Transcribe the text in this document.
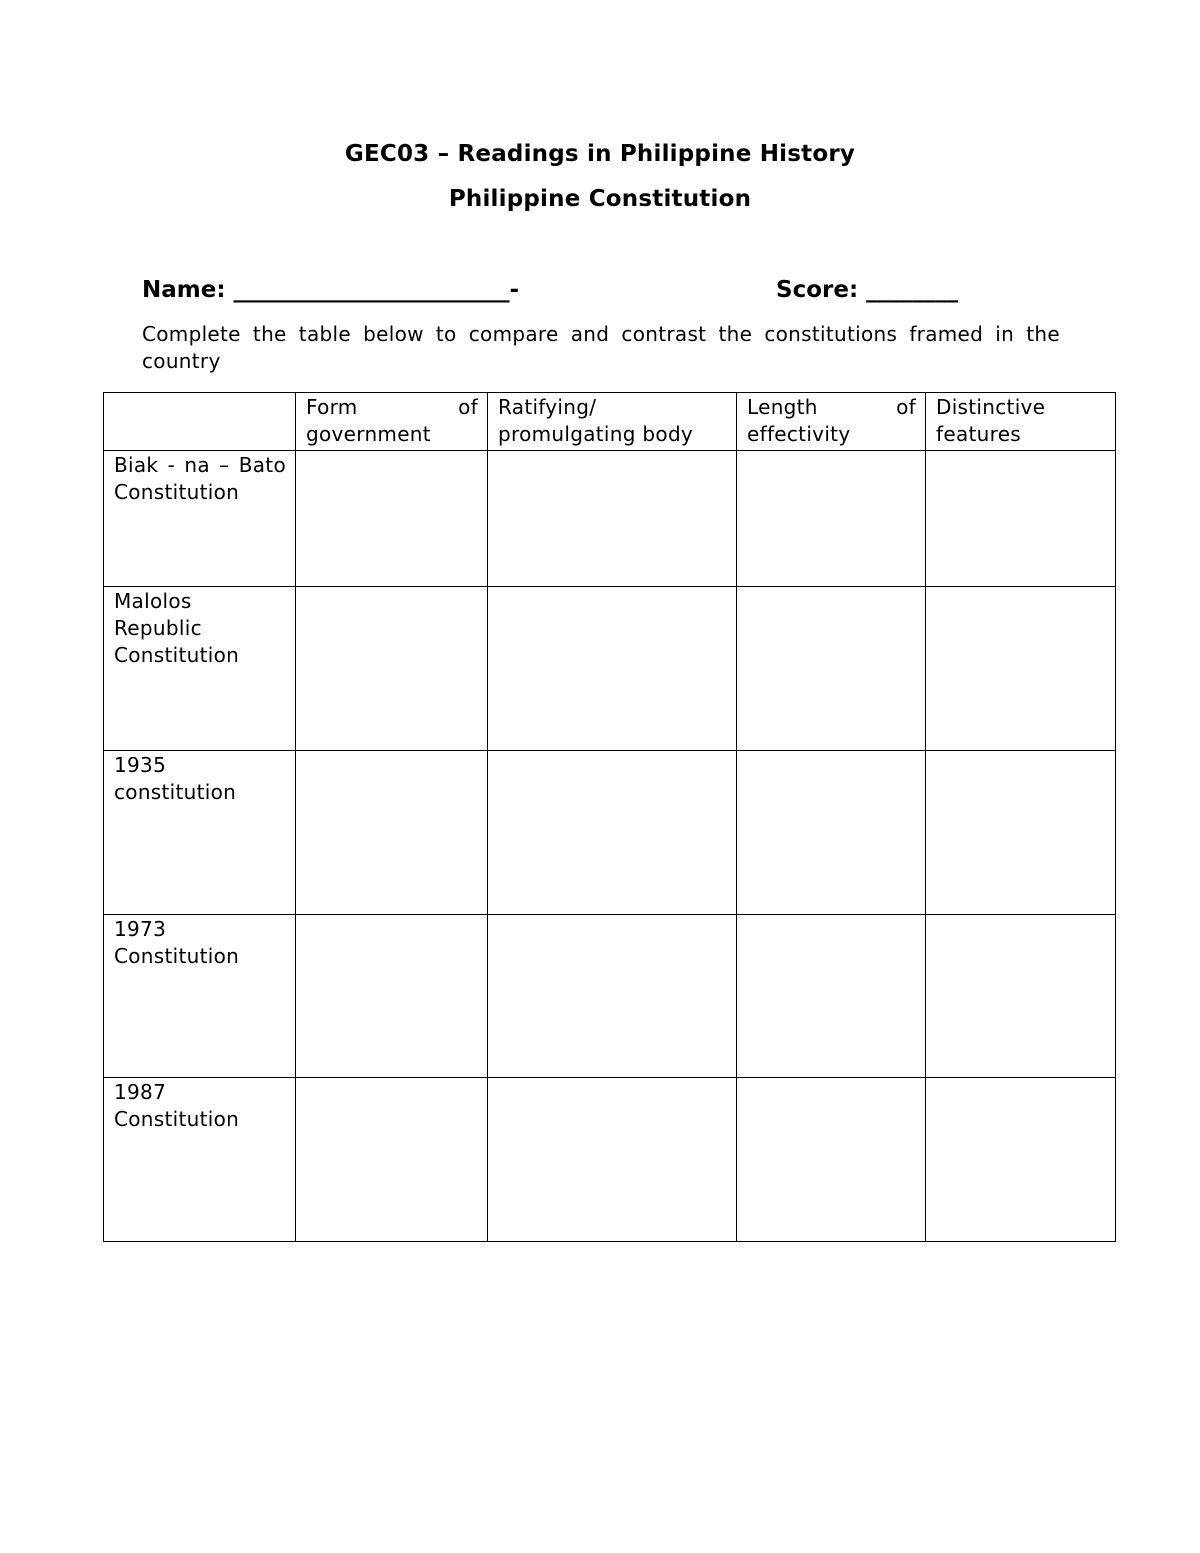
GEC03 – Readings in Philippine History
Philippine Constitution
Name: ________________________-	Score: ________
Complete the table below to compare and contrast the constitutions framed in the country

	Form of government	Ratifying/ promulgating body	Length of effectivity	Distinctive features

Biak - na – Bato Constitution				

Malolos Republic Constitution				

1935 constitution				

1973 Constitution				

1987 Constitution				
